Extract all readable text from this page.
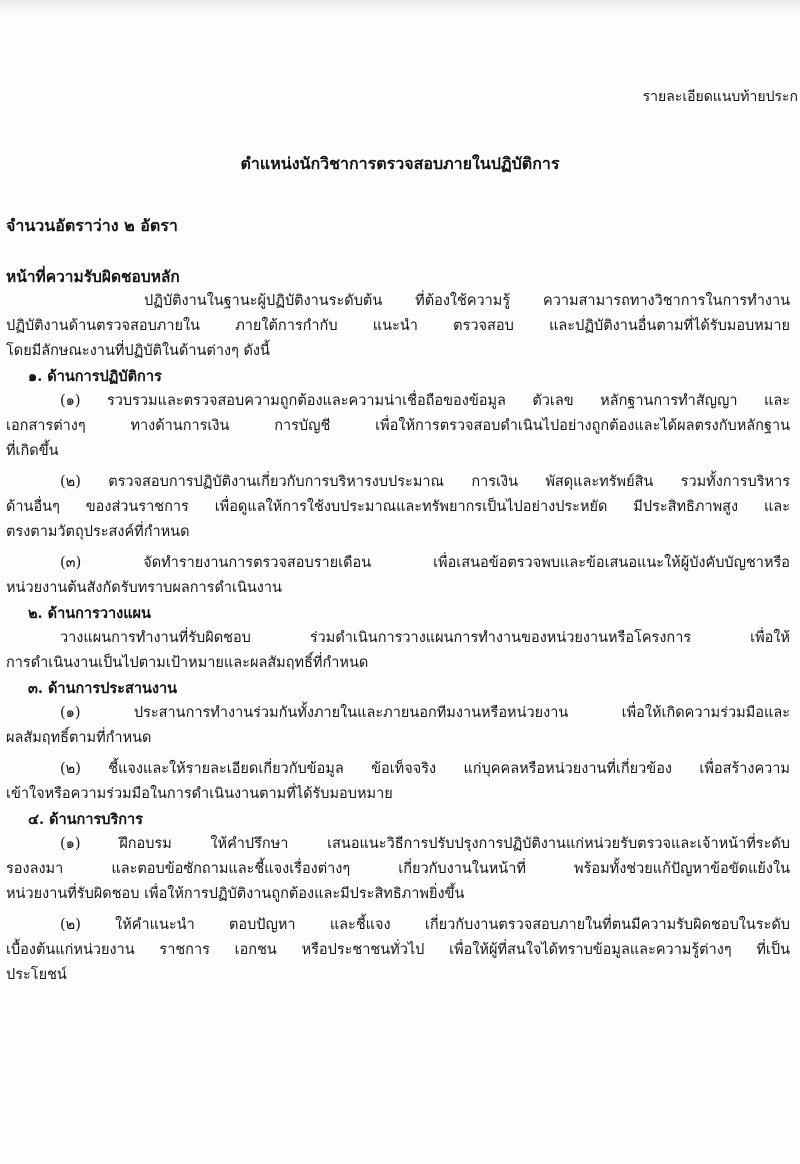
รายละเอียดแนบท้ายประก
ตำแหน่งนักวิชาการตรวจสอบภายในปฏิบัติการ
จำนวนอัตราว่าง ๒ อัตรา

หน้าที่ความรับผิดชอบหลัก

ปฏิบัติงานในฐานะผู้ปฏิบัติงานระดับต้น ที่ต้องใช้ความรู้ ความสามารถทางวิชาการในการทำงาน

ปฏิบัติงานด้านตรวจสอบภายใน ภายใต้การกำกับ แนะนำ ตรวจสอบ และปฏิบัติงานอื่นตามที่ได้รับมอบหมาย

โดยมีลักษณะงานที่ปฏิบัติในด้านต่างๆ ดังนี้

๑. ด้านการปฏิบัติการ

(๑) รวบรวมและตรวจสอบความถูกต้องและความน่าเชื่อถือของข้อมูล ตัวเลข หลักฐานการทำสัญญา และ

เอกสารต่างๆ ทางด้านการเงิน การบัญชี เพื่อให้การตรวจสอบดำเนินไปอย่างถูกต้องและได้ผลตรงกับหลักฐาน

ที่เกิดขึ้น

(๒) ตรวจสอบการปฏิบัติงานเกี่ยวกับการบริหารงบประมาณ การเงิน พัสดุและทรัพย์สิน รวมทั้งการบริหาร

ด้านอื่นๆ ของส่วนราชการ เพื่อดูแลให้การใช้งบประมาณและทรัพยากรเป็นไปอย่างประหยัด มีประสิทธิภาพสูง และ

ตรงตามวัตถุประสงค์ที่กำหนด

(๓) จัดทำรายงานการตรวจสอบรายเดือน เพื่อเสนอข้อตรวจพบและข้อเสนอแนะให้ผู้บังคับบัญชาหรือ

หน่วยงานต้นสังกัดรับทราบผลการดำเนินงาน

๒. ด้านการวางแผน

วางแผนการทำงานที่รับผิดชอบ ร่วมดำเนินการวางแผนการทำงานของหน่วยงานหรือโครงการ เพื่อให้

การดำเนินงานเป็นไปตามเป้าหมายและผลสัมฤทธิ์ที่กำหนด

๓. ด้านการประสานงาน

(๑) ประสานการทำงานร่วมกันทั้งภายในและภายนอกทีมงานหรือหน่วยงาน เพื่อให้เกิดความร่วมมือและ

ผลสัมฤทธิ์ตามที่กำหนด

(๒) ชี้แจงและให้รายละเอียดเกี่ยวกับข้อมูล ข้อเท็จจริง แก่บุคคลหรือหน่วยงานที่เกี่ยวข้อง เพื่อสร้างความ

เข้าใจหรือความร่วมมือในการดำเนินงานตามที่ได้รับมอบหมาย

๔. ด้านการบริการ

(๑) ฝึกอบรม ให้คำปรึกษา เสนอแนะวิธีการปรับปรุงการปฏิบัติงานแก่หน่วยรับตรวจและเจ้าหน้าที่ระดับ

รองลงมา และตอบข้อซักถามและชี้แจงเรื่องต่างๆ เกี่ยวกับงานในหน้าที่ พร้อมทั้งช่วยแก้ปัญหาข้อขัดแย้งใน

หน่วยงานที่รับผิดชอบ เพื่อให้การปฏิบัติงานถูกต้องและมีประสิทธิภาพยิ่งขึ้น

(๒) ให้คำแนะนำ ตอบปัญหา และชี้แจง เกี่ยวกับงานตรวจสอบภายในที่ตนมีความรับผิดชอบในระดับ

เบื้องต้นแก่หน่วยงาน ราชการ เอกชน หรือประชาชนทั่วไป เพื่อให้ผู้ที่สนใจได้ทราบข้อมูลและความรู้ต่างๆ ที่เป็น

ประโยชน์
